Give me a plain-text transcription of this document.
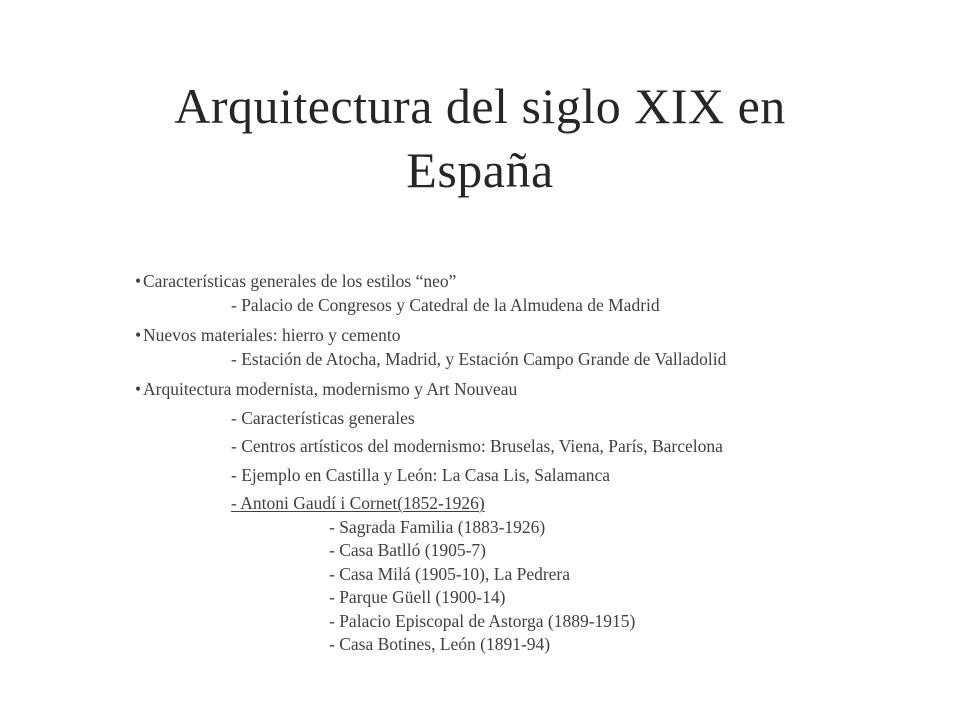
Arquitectura del siglo XIX en
España
• Características generales de los estilos “neo”
- Palacio de Congresos y Catedral de la Almudena de Madrid
• Nuevos materiales: hierro y cemento
- Estación de Atocha, Madrid, y Estación Campo Grande de Valladolid
• Arquitectura modernista, modernismo y Art Nouveau
- Características generales
- Centros artísticos del modernismo: Bruselas, Viena, París, Barcelona
- Ejemplo en Castilla y León: La Casa Lis, Salamanca
- Antoni Gaudí i Cornet(1852-1926)
- Sagrada Familia (1883-1926)
- Casa Batlló (1905-7)
- Casa Milá (1905-10), La Pedrera
- Parque Güell (1900-14)
- Palacio Episcopal de Astorga (1889-1915)
- Casa Botines, León (1891-94)
